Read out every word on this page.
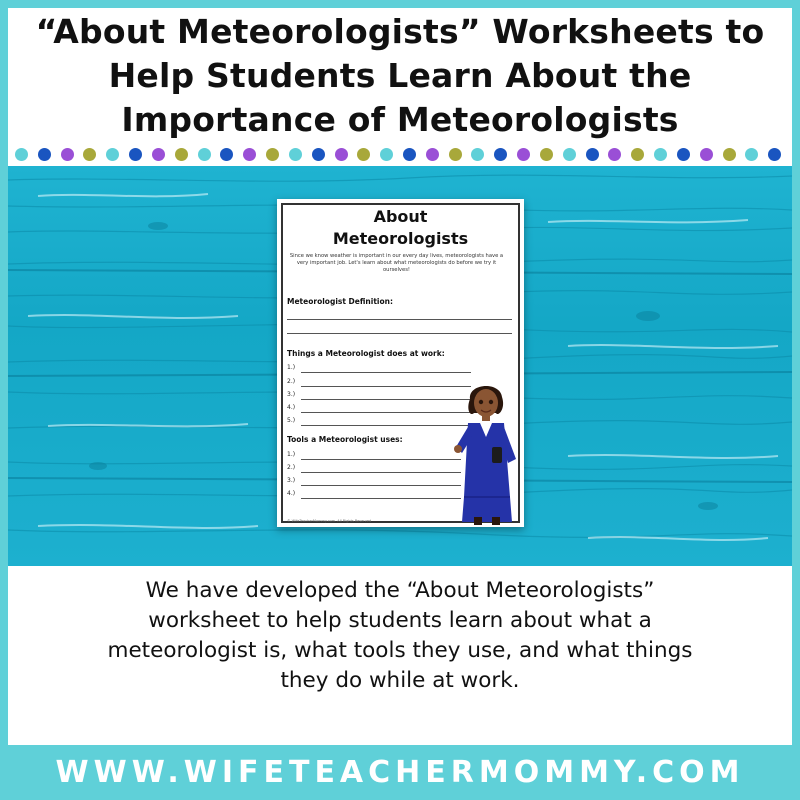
“About Meteorologists” Worksheets to
Help Students Learn About the
Importance of Meteorologists
About
Meteorologists
Since we know weather is important in our every day lives, meteorologists have a very important job. Let's learn about what meteorologists do before we try it ourselves!
Meteorologist Definition:
Things a Meteorologist does at work:
1.)
2.)
3.)
4.)
5.)
Tools a Meteorologist uses:
1.)
2.)
3.)
4.)
© WifeTeacherMommy.com. All Rights Reserved
We have developed the “About Meteorologists”
worksheet to help students learn about what a
meteorologist is, what tools they use, and what things
they do while at work.
WWW.WIFETEACHERMOMMY.COM
